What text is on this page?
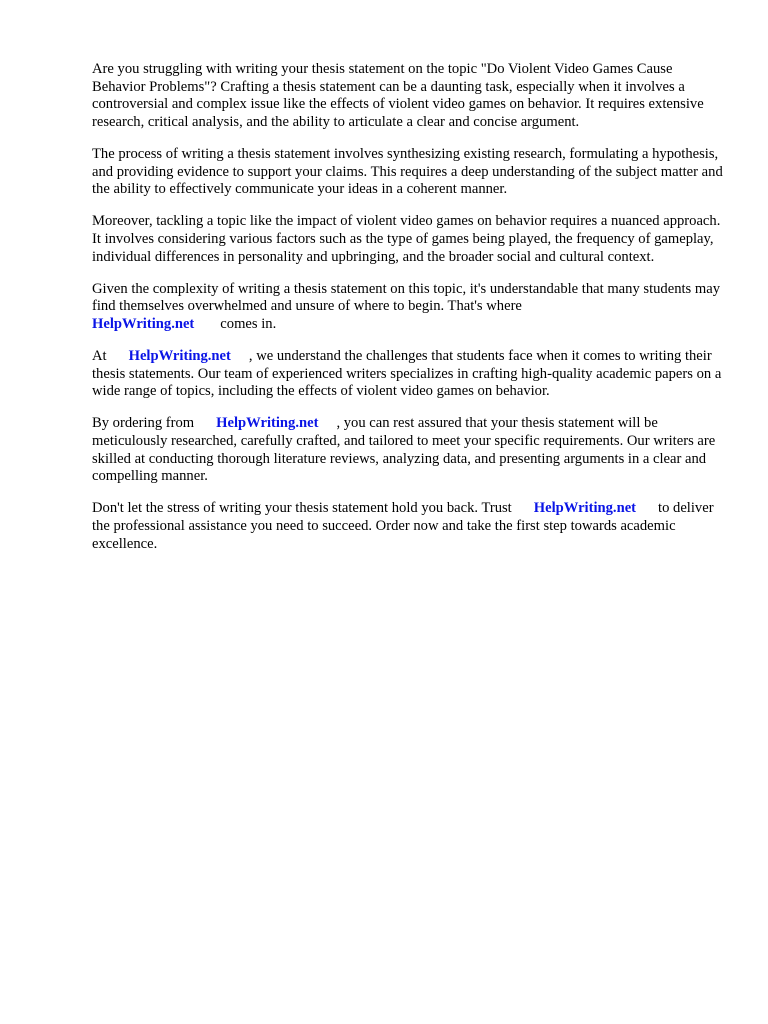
Are you struggling with writing your thesis statement on the topic "Do Violent Video Games Cause Behavior Problems"? Crafting a thesis statement can be a daunting task, especially when it involves a controversial and complex issue like the effects of violent video games on behavior. It requires extensive research, critical analysis, and the ability to articulate a clear and concise argument.

The process of writing a thesis statement involves synthesizing existing research, formulating a hypothesis, and providing evidence to support your claims. This requires a deep understanding of the subject matter and the ability to effectively communicate your ideas in a coherent manner.

Moreover, tackling a topic like the impact of violent video games on behavior requires a nuanced approach. It involves considering various factors such as the type of games being played, the frequency of gameplay, individual differences in personality and upbringing, and the broader social and cultural context.

Given the complexity of writing a thesis statement on this topic, it's understandable that many students may find themselves overwhelmed and unsure of where to begin. That's where
HelpWriting.net comes in.

At HelpWriting.net , we understand the challenges that students face when it comes to writing their thesis statements. Our team of experienced writers specializes in crafting high-quality academic papers on a wide range of topics, including the effects of violent video games on behavior.

By ordering from HelpWriting.net , you can rest assured that your thesis statement will be meticulously researched, carefully crafted, and tailored to meet your specific requirements. Our writers are skilled at conducting thorough literature reviews, analyzing data, and presenting arguments in a clear and compelling manner.

Don't let the stress of writing your thesis statement hold you back. Trust HelpWriting.net to deliver the professional assistance you need to succeed. Order now and take the first step towards academic excellence.
